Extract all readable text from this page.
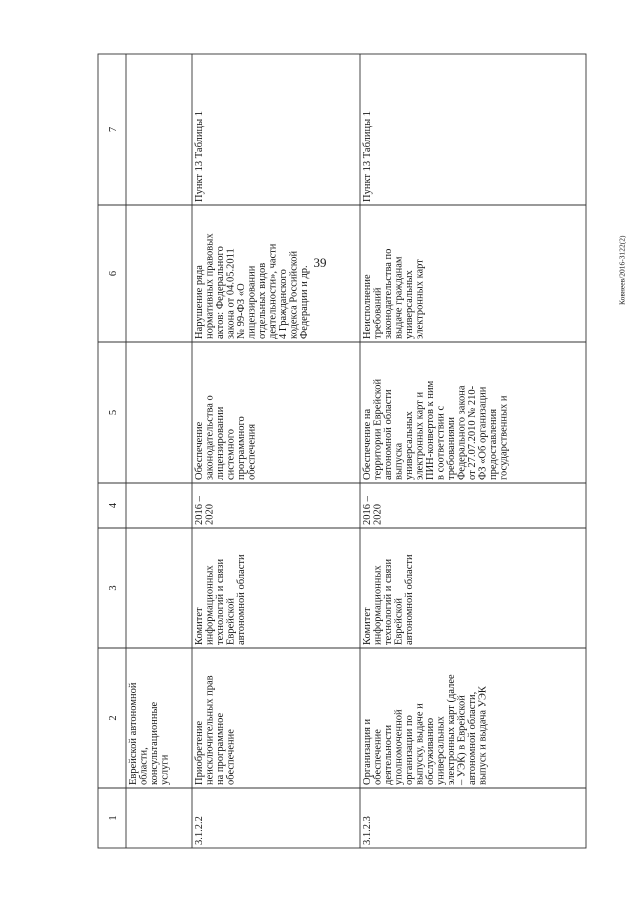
39
1
2
3
4
5
6
7
Еврейской автономной области, консультационные услуги
3.1.2.2
Приобретение неисключительных прав на программное обеспечение
Комитет информационных технологий и связи Еврейской автономной области
2016 – 2020
Обеспечение законодательства о лицензировании системного программного обеспечения
Нарушение ряда нормативных правовых актов: Федерального закона от 04.05.2011 № 99-ФЗ «О лицензировании отдельных видов деятельности», части 4 Гражданского кодекса Российской Федерации и др.
Пункт 13 Таблицы 1
3.1.2.3
Организация и обеспечение деятельности уполномоченной организации по выпуску, выдаче и обслуживанию универсальных электронных карт (далее – УЭК) в Еврейской автономной области, выпуск и выдача УЭК
Комитет информационных технологий и связи Еврейской автономной области
2016 – 2020
Обеспечение на территории Еврейской автономной области выпуска универсальных электронных карт и ПИН-конвертов к ним в соответствии с требованиями Федерального закона от 27.07.2010 № 210- ФЗ «Об организации предоставления государственных и
Неисполнение требований законодательства по выдаче гражданам универсальных электронных карт
Пункт 13 Таблицы 1
Ковнеев/2016-3122(2)
